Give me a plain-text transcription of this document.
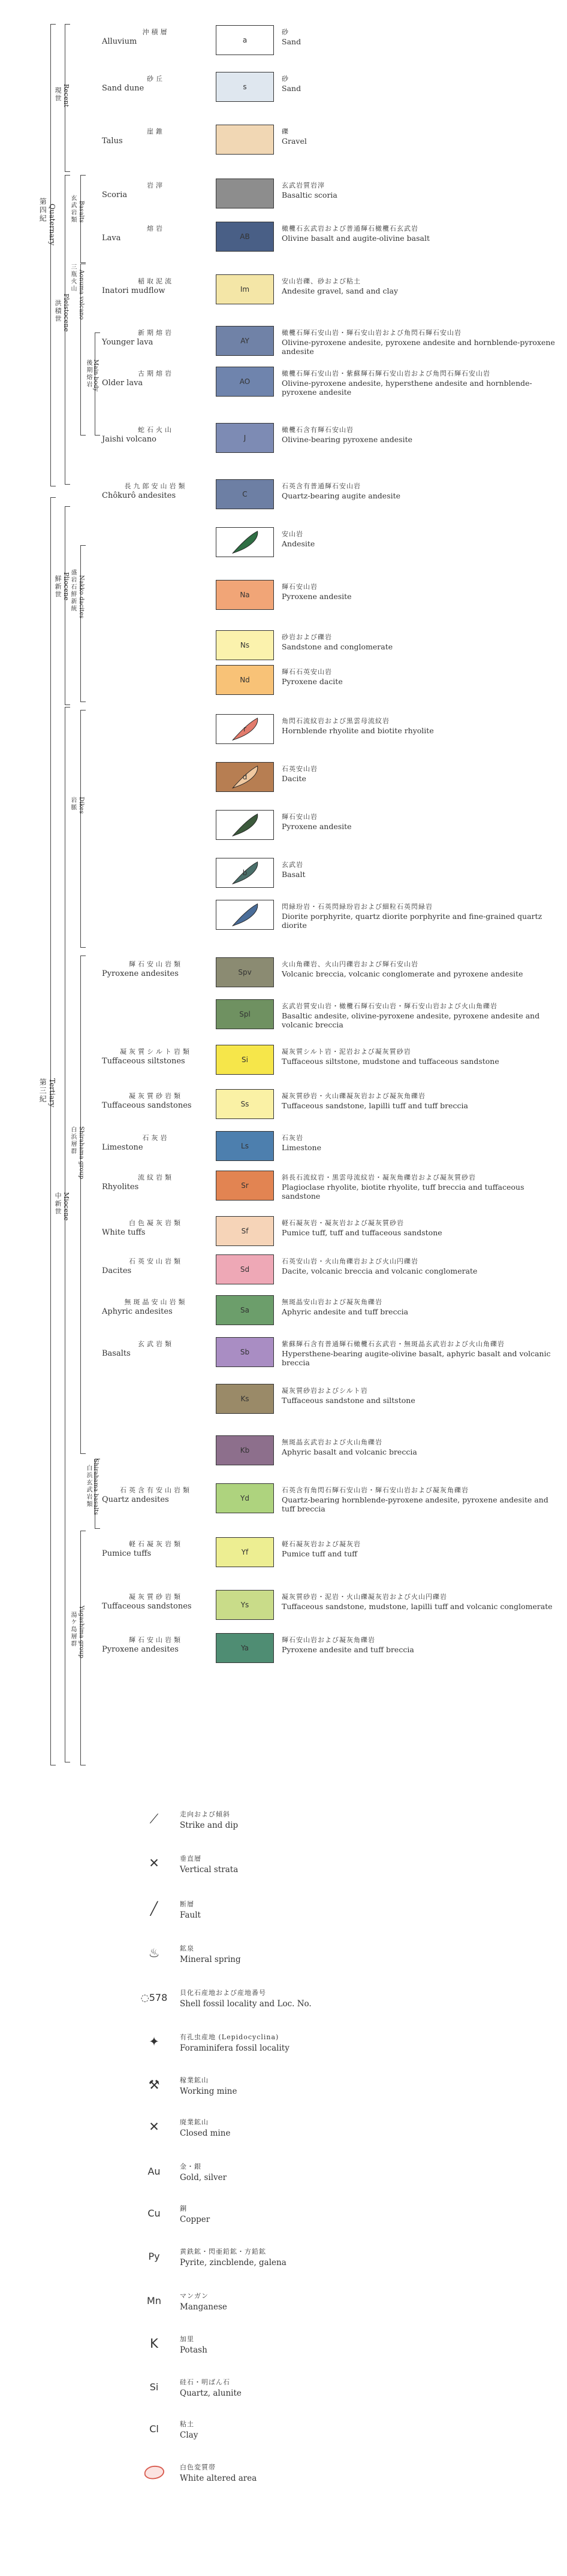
第四紀 Quaternary
第三紀 Tertiary
現世 Recent
洪積世 Pleistocene
鮮新世 Pliocene
中新世 Miocene
玄武岩類 Basalts
三瓶火山 Aonuma volcano
後期熔岩 Main body
盛岩石鮮新統 Nakko dacites
岩脈 Dikes
白浜層群 Shirahama group
白浜玄武岩類 Shirahama basalts
湯ケ島層群 Yugashima group
沖積層
Alluvium	a
砂
Sand
砂丘
Sand dune	s
砂
Sand
崖錐
Talus
礫
Gravel
岩滓
Scoria
玄武岩質岩滓
Basaltic scoria
熔岩
Lava	AB
橄欖石玄武岩および普通輝石橄欖石玄武岩
Olivine basalt and augite-olivine basalt
稲取泥流
Inatori mudflow	Im
安山岩礫、砂および粘土
Andesite gravel, sand and clay
新期熔岩
Younger lava	AY
橄欖石輝石安山岩・輝石安山岩および角閃石輝石安山岩
Olivine-pyroxene andesite, pyroxene andesite and hornblende-pyroxene andesite
古期熔岩
Older lava	AO
橄欖石輝石安山岩・紫蘇輝石輝石安山岩および角閃石輝石安山岩
Olivine-pyroxene andesite, hypersthene andesite and hornblende-pyroxene andesite
蛇石火山
Jaishi volcano	J
橄欖石含有輝石安山岩
Olivine-bearing pyroxene andesite
長九郎安山岩類
Chôkurô andesites	C
石英含有普通輝石安山岩
Quartz-bearing augite andesite
安山岩
Andesite
Na
輝石安山岩
Pyroxene andesite
Ns
砂岩および礫岩
Sandstone and conglomerate
Nd
輝石石英安山岩
Pyroxene dacite
r
角閃石流紋岩および黒雲母流紋岩
Hornblende rhyolite and biotite rhyolite
d
石英安山岩
Dacite
輝石安山岩
Pyroxene andesite
b
玄武岩
Basalt
閃緑玢岩・石英閃緑玢岩および細粒石英閃緑岩
Diorite porphyrite, quartz diorite porphyrite and fine-grained quartz diorite
輝石安山岩類
Pyroxene andesites	Spv
火山角礫岩、火山円礫岩および輝石安山岩
Volcanic breccia, volcanic conglomerate and pyroxene andesite
Spl
玄武岩質安山岩・橄欖石輝石安山岩・輝石安山岩および火山角礫岩
Basaltic andesite, olivine-pyroxene andesite, pyroxene andesite and volcanic breccia
凝灰質シルト岩類
Tuffaceous siltstones	Si
凝灰質シルト岩・泥岩および凝灰質砂岩
Tuffaceous siltstone, mudstone and tuffaceous sandstone
凝灰質砂岩類
Tuffaceous sandstones	Ss
凝灰質砂岩・火山礫凝灰岩および凝灰角礫岩
Tuffaceous sandstone, lapilli tuff and tuff breccia
石灰岩
Limestone	Ls
石灰岩
Limestone
流紋岩類
Rhyolites	Sr
斜長石流紋岩・黒雲母流紋岩・凝灰角礫岩および凝灰質砂岩
Plagioclase rhyolite, biotite rhyolite, tuff breccia and tuffaceous sandstone
白色凝灰岩類
White tuffs	Sf
軽石凝灰岩・凝灰岩および凝灰質砂岩
Pumice tuff, tuff and tuffaceous sandstone
石英安山岩類
Dacites	Sd
石英安山岩・火山角礫岩および火山円礫岩
Dacite, volcanic breccia and volcanic conglomerate
無斑晶安山岩類
Aphyric andesites	Sa
無斑晶安山岩および凝灰角礫岩
Aphyric andesite and tuff breccia
玄武岩類
Basalts	Sb
紫蘇輝石含有普通輝石橄欖石玄武岩・無斑晶玄武岩および火山角礫岩
Hypersthene-bearing augite-olivine basalt, aphyric basalt and volcanic breccia
Ks
凝灰質砂岩およびシルト岩
Tuffaceous sandstone and siltstone
Kb
無斑晶玄武岩および火山角礫岩
Aphyric basalt and volcanic breccia
石英含有安山岩類
Quartz andesites	Yd
石英含有角閃石輝石安山岩・輝石安山岩および凝灰角礫岩
Quartz-bearing hornblende-pyroxene andesite, pyroxene andesite and tuff breccia
軽石凝灰岩類
Pumice tuffs	Yf
軽石凝灰岩および凝灰岩
Pumice tuff and tuff
凝灰質砂岩類
Tuffaceous sandstones	Ys
凝灰質砂岩・泥岩・火山礫凝灰岩および火山円礫岩
Tuffaceous sandstone, mudstone, lapilli tuff and volcanic conglomerate
輝石安山岩類
Pyroxene andesites	Ya
輝石安山岩および凝灰角礫岩
Pyroxene andesite and tuff breccia
⟋	走向および傾斜
Strike and dip
✕	垂直層
Vertical strata
╱	断層
Fault
♨	鉱泉
Mineral spring
◌578 貝化石産地および産地番号
Shell fossil locality and Loc. No.
✦	有孔虫産地 (Lepidocyclina)
Foraminifera fossil locality
⚒	稼業鉱山
Working mine
✕	廃業鉱山
Closed mine
Au	金・銀
Gold, silver
Cu	銅
Copper
Py	黄鉄鉱・閃亜鉛鉱・方鉛鉱
Pyrite, zincblende, galena
Mn	マンガン
Manganese
K	加里
Potash
Si	硅石・明ばん石
Quartz, alunite
Cl	粘土
Clay
白色変質帯
White altered area
